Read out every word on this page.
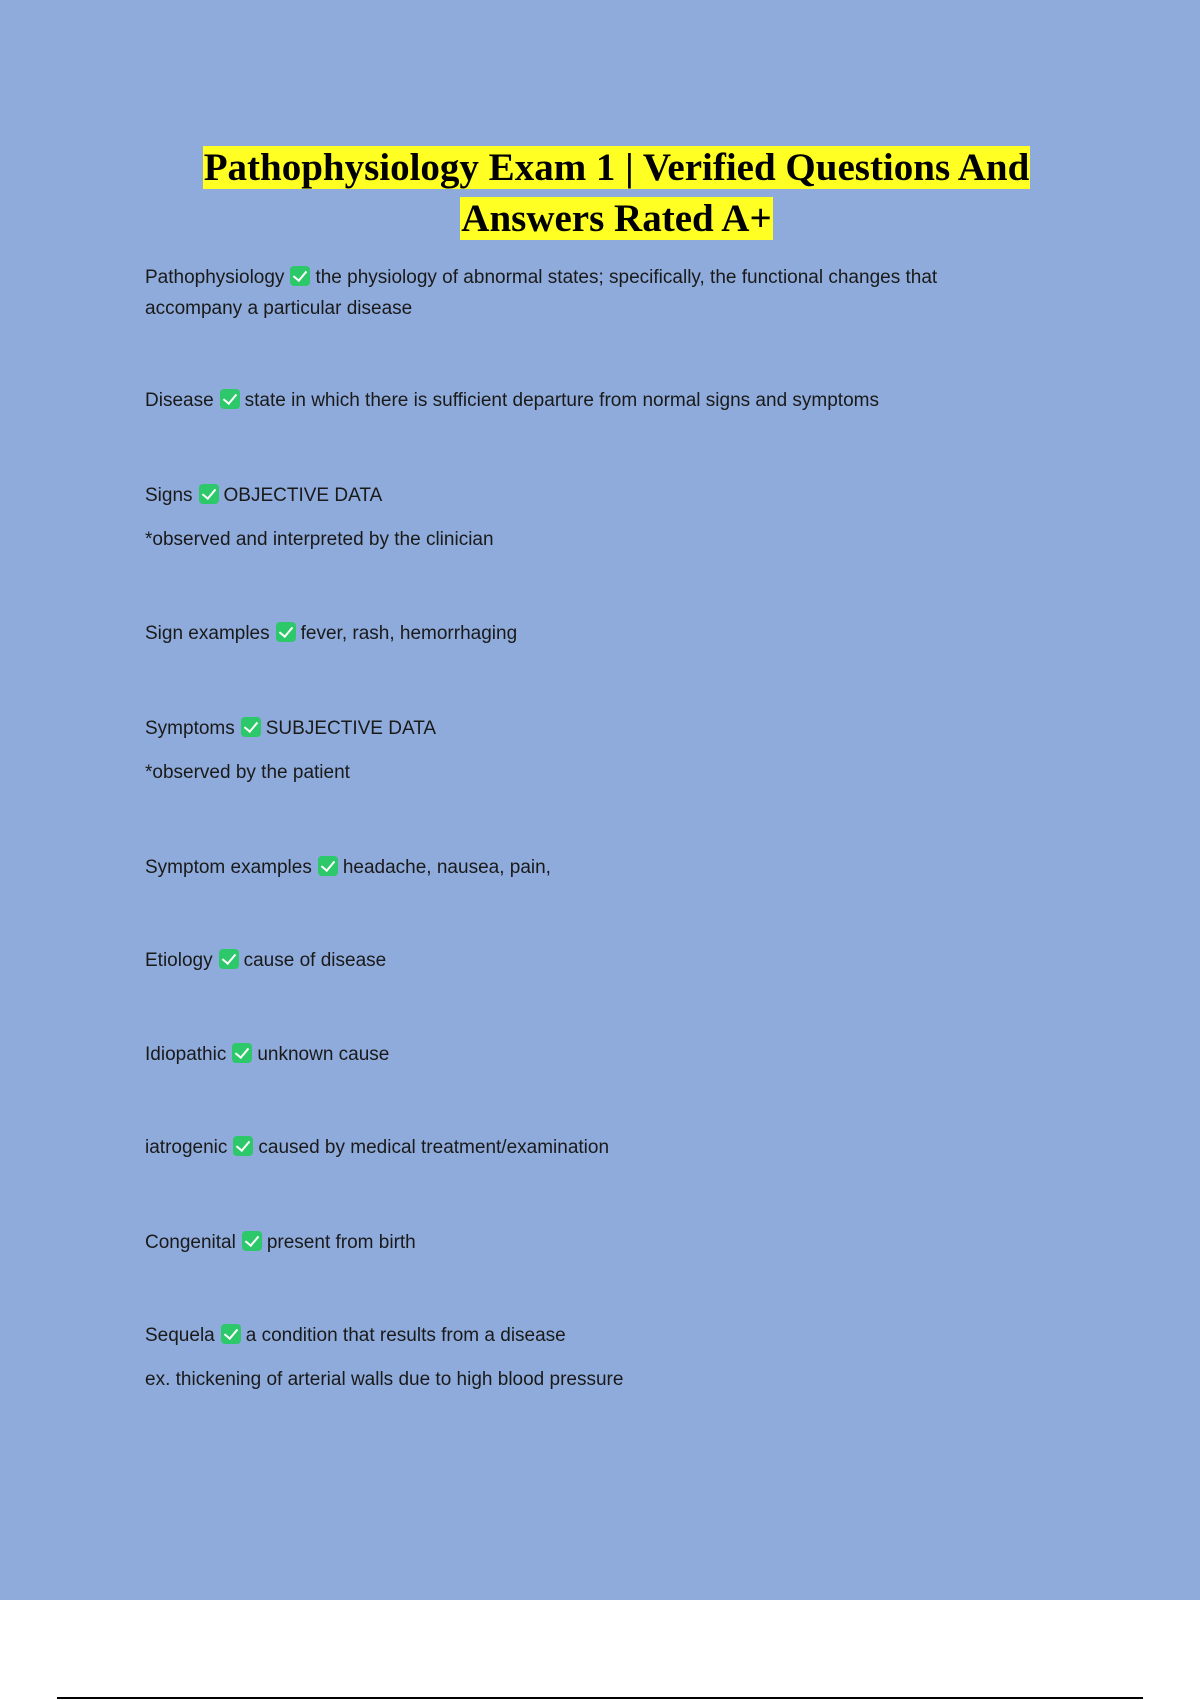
Pathophysiology Exam 1 | Verified Questions And
Answers Rated A+
Pathophysiology the physiology of abnormal states; specifically, the functional changes that accompany a particular disease
Disease state in which there is sufficient departure from normal signs and symptoms
Signs OBJECTIVE DATA
*observed and interpreted by the clinician
Sign examples fever, rash, hemorrhaging
Symptoms SUBJECTIVE DATA
*observed by the patient
Symptom examples headache, nausea, pain,
Etiology cause of disease
Idiopathic unknown cause
iatrogenic caused by medical treatment/examination
Congenital present from birth
Sequela a condition that results from a disease
ex. thickening of arterial walls due to high blood pressure
